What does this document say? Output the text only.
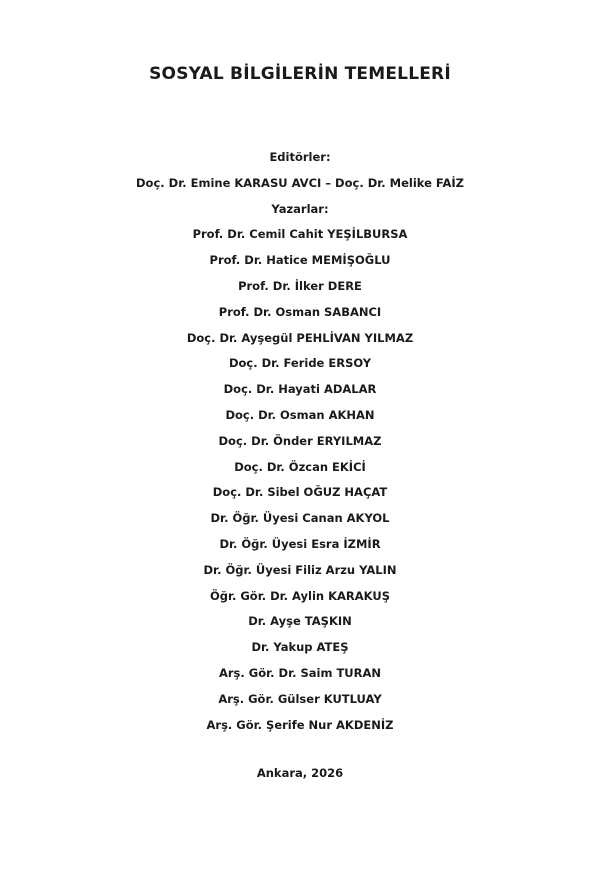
SOSYAL BİLGİLERİN TEMELLERİ
Editörler:
Doç. Dr. Emine KARASU AVCI – Doç. Dr. Melike FAİZ
Yazarlar:
Prof. Dr. Cemil Cahit YEŞİLBURSA
Prof. Dr. Hatice MEMİŞOĞLU
Prof. Dr. İlker DERE
Prof. Dr. Osman SABANCI
Doç. Dr. Ayşegül PEHLİVAN YILMAZ
Doç. Dr. Feride ERSOY
Doç. Dr. Hayati ADALAR
Doç. Dr. Osman AKHAN
Doç. Dr. Önder ERYILMAZ
Doç. Dr. Özcan EKİCİ
Doç. Dr. Sibel OĞUZ HAÇAT
Dr. Öğr. Üyesi Canan AKYOL
Dr. Öğr. Üyesi Esra İZMİR
Dr. Öğr. Üyesi Filiz Arzu YALIN
Öğr. Gör. Dr. Aylin KARAKUŞ
Dr. Ayşe TAŞKIN
Dr. Yakup ATEŞ
Arş. Gör. Dr. Saim TURAN
Arş. Gör. Gülser KUTLUAY
Arş. Gör. Şerife Nur AKDENİZ
Ankara, 2026
